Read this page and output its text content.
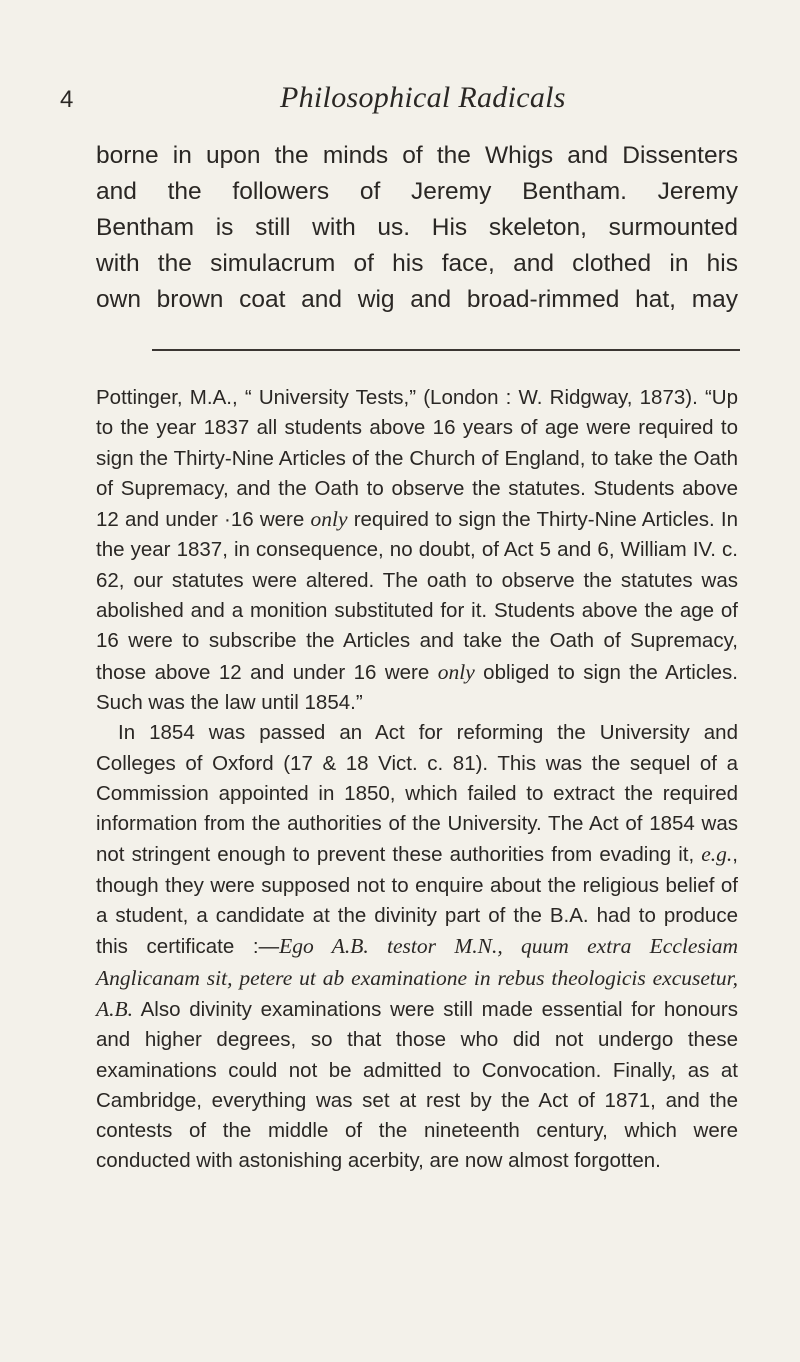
4	Philosophical Radicals
borne in upon the minds of the Whigs and Dissenters
and the followers of Jeremy Bentham. Jeremy
Bentham is still with us. His skeleton, surmounted
with the simulacrum of his face, and clothed in his
own brown coat and wig and broad-rimmed hat, may

Pottinger, M.A., “ University Tests,” (London : W. Ridgway, 1873). “Up to the year 1837 all students above 16 years of age were required to sign the Thirty-Nine Articles of the Church of England, to take the Oath of Supremacy, and the Oath to observe the statutes. Students above 12 and under ·16 were only required to sign the Thirty-Nine Articles. In the year 1837, in consequence, no doubt, of Act 5 and 6, William IV. c. 62, our statutes were altered. The oath to observe the statutes was abolished and a monition substituted for it. Students above the age of 16 were to subscribe the Articles and take the Oath of Supremacy, those above 12 and under 16 were only obliged to sign the Articles. Such was the law until 1854.”

In 1854 was passed an Act for reforming the University and Colleges of Oxford (17 & 18 Vict. c. 81). This was the sequel of a Commission appointed in 1850, which failed to extract the required information from the authorities of the University. The Act of 1854 was not stringent enough to prevent these authorities from evading it, e.g., though they were supposed not to enquire about the religious belief of a student, a candidate at the divinity part of the B.A. had to produce this certificate :—Ego A.B. testor M.N., quum extra Ecclesiam Anglicanam sit, petere ut ab examinatione in rebus theologicis excusetur, A.B. Also divinity examinations were still made essential for honours and higher degrees, so that those who did not undergo these examinations could not be admitted to Convocation. Finally, as at Cambridge, everything was set at rest by the Act of 1871, and the contests of the middle of the nineteenth century, which were conducted with astonishing acerbity, are now almost forgotten.
